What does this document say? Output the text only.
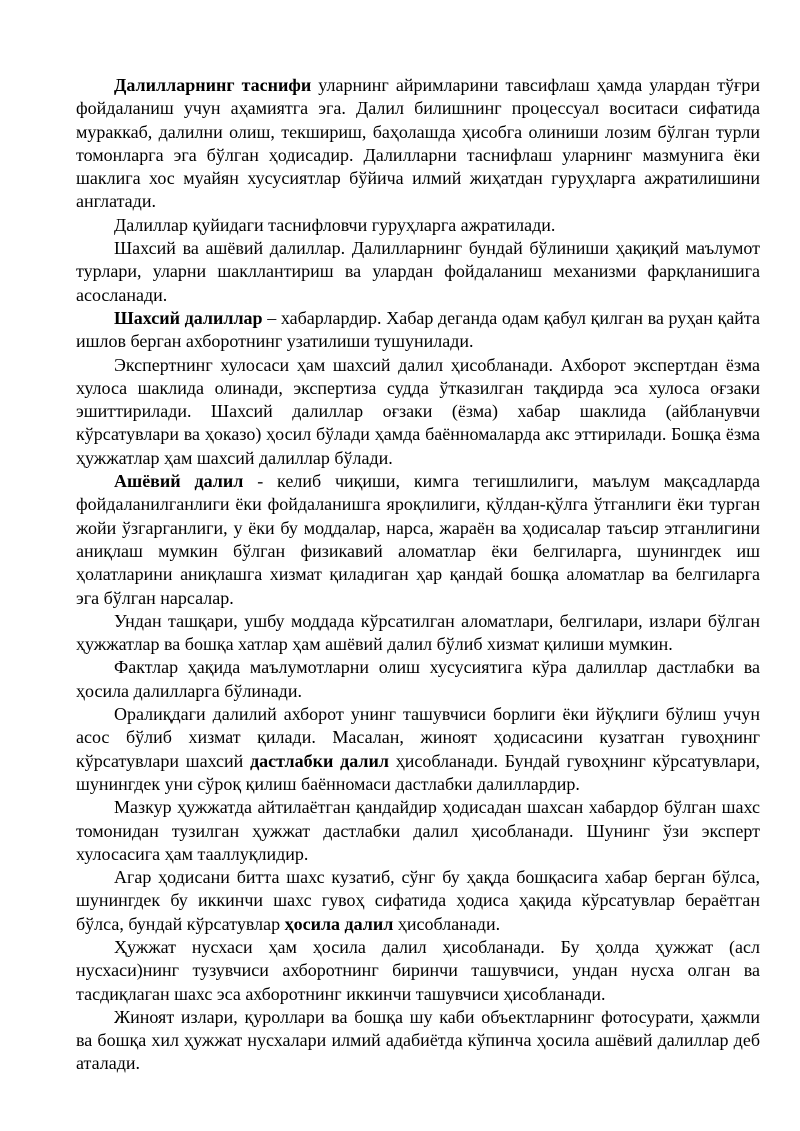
Далилларнинг таснифи уларнинг айримларини тавсифлаш ҳамда улардан тўғри фойдаланиш учун аҳамиятга эга. Далил билишнинг процессуал воситаси сифатида мураккаб, далилни олиш, текшириш, баҳолашда ҳисобга олиниши лозим бўлган турли томонларга эга бўлган ҳодисадир. Далилларни таснифлаш уларнинг мазмунига ёки шаклига хос муайян хусусиятлар бўйича илмий жиҳатдан гуруҳларга ажратилишини англатади.

Далиллар қуйидаги таснифловчи гуруҳларга ажратилади.

Шахсий ва ашёвий далиллар. Далилларнинг бундай бўлиниши ҳақиқий маълумот турлари, уларни шакллантириш ва улардан фойдаланиш механизми фарқланишига асосланади.

Шахсий далиллар – хабарлардир. Хабар деганда одам қабул қилган ва руҳан қайта ишлов берган ахборотнинг узатилиши тушунилади.

Экспертнинг хулосаси ҳам шахсий далил ҳисобланади. Ахборот экспертдан ёзма хулоса шаклида олинади, экспертиза судда ўтказилган тақдирда эса хулоса оғзаки эшиттирилади. Шахсий далиллар оғзаки (ёзма) хабар шаклида (айбланувчи кўрсатувлари ва ҳоказо) ҳосил бўлади ҳамда баённомаларда акс эттирилади. Бошқа ёзма ҳужжатлар ҳам шахсий далиллар бўлади.

Ашёвий далил - келиб чиқиши, кимга тегишлилиги, маълум мақсадларда фойдаланилганлиги ёки фойдаланишга яроқлилиги, қўлдан-қўлга ўтганлиги ёки турган жойи ўзгарганлиги, у ёки бу моддалар, нарса, жараён ва ҳодисалар таъсир этганлигини аниқлаш мумкин бўлган физикавий аломатлар ёки белгиларга, шунингдек иш ҳолатларини аниқлашга хизмат қиладиган ҳар қандай бошқа аломатлар ва белгиларга эга бўлган нарсалар.

Ундан ташқари, ушбу моддада кўрсатилган аломатлари, белгилари, излари бўлган ҳужжатлар ва бошқа хатлар ҳам ашёвий далил бўлиб хизмат қилиши мумкин.

Фактлар ҳақида маълумотларни олиш хусусиятига кўра далиллар дастлабки ва ҳосила далилларга бўлинади.

Оралиқдаги далилий ахборот унинг ташувчиси борлиги ёки йўқлиги бўлиш учун асос бўлиб хизмат қилади. Масалан, жиноят ҳодисасини кузатган гувоҳнинг кўрсатувлари шахсий дастлабки далил ҳисобланади. Бундай гувоҳнинг кўрсатувлари, шунингдек уни сўроқ қилиш баённомаси дастлабки далиллардир.

Мазкур ҳужжатда айтилаётган қандайдир ҳодисадан шахсан хабардор бўлган шахс томонидан тузилган ҳужжат дастлабки далил ҳисобланади. Шунинг ўзи эксперт хулосасига ҳам тааллуқлидир.

Агар ҳодисани битта шахс кузатиб, сўнг бу ҳақда бошқасига хабар берган бўлса, шунингдек бу иккинчи шахс гувоҳ сифатида ҳодиса ҳақида кўрсатувлар бераётган бўлса, бундай кўрсатувлар ҳосила далил ҳисобланади.

Ҳужжат нусхаси ҳам ҳосила далил ҳисобланади. Бу ҳолда ҳужжат (асл нусхаси)нинг тузувчиси ахборотнинг биринчи ташувчиси, ундан нусха олган ва тасдиқлаган шахс эса ахборотнинг иккинчи ташувчиси ҳисобланади.

Жиноят излари, қуроллари ва бошқа шу каби объектларнинг фотосурати, ҳажмли ва бошқа хил ҳужжат нусхалари илмий адабиётда кўпинча ҳосила ашёвий далиллар деб аталади.
